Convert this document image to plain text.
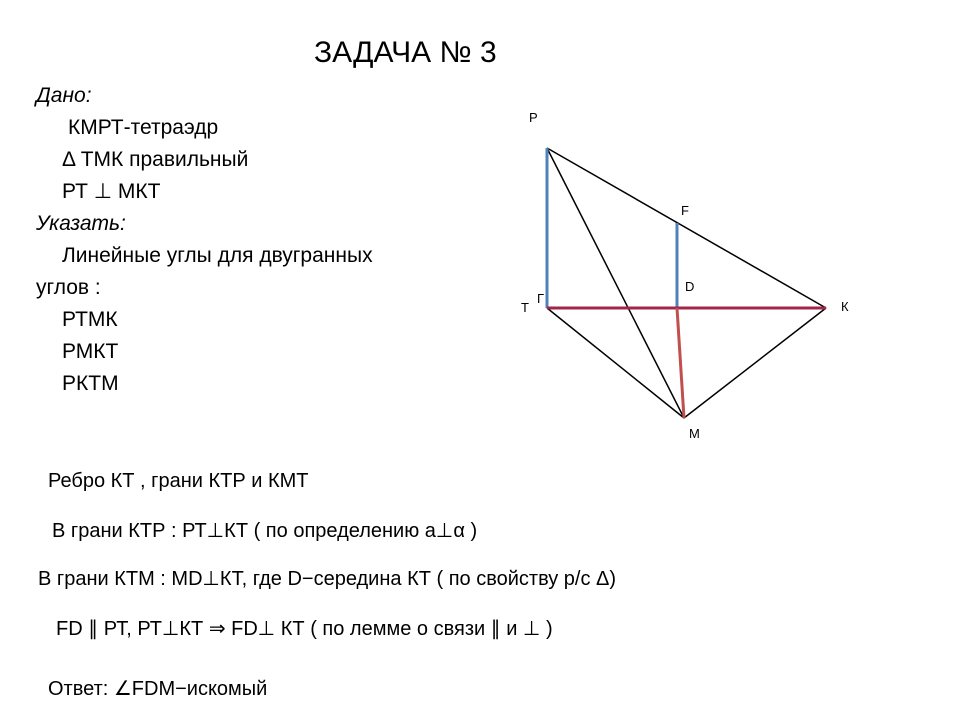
ЗАДАЧА № 3
Дано:
КМРТ-тетраэдр
Δ ТМК правильный
РТ ⊥ МКТ
Указать:
Линейные углы для двугранных
углов :
РТМК
РМКТ
РКТМ
P
F
D
Т
Г
К
М
Ребро КТ , грани КТР и КМТ
В грани КТР : РТ⊥КТ ( по определению а⊥α )
В грани КТМ : MD⊥КТ, где D−середина КТ ( по свойству р/с Δ)
FD ∥ РТ, РТ⊥КТ ⇒ FD⊥ КТ ( по лемме о связи ∥ и ⊥ )
Ответ: ∠FDM−искомый
